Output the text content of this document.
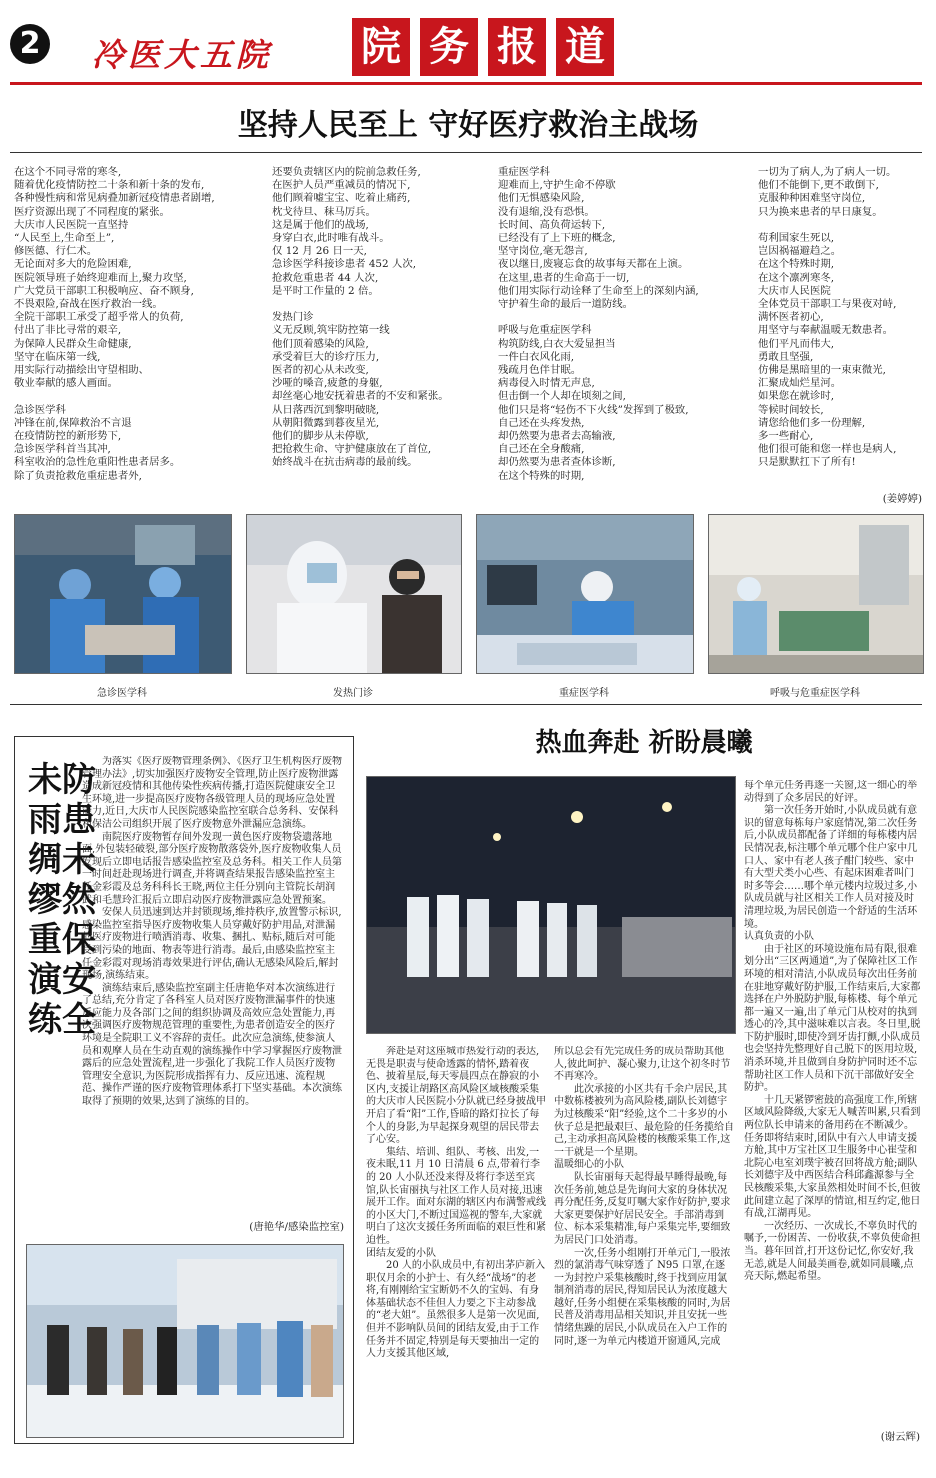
2 冷医大五院 院 务 报 道
坚持人民至上 守好医疗救治主战场
在这个不同寻常的寒冬,
随着优化疫情防控二十条和新十条的发布,
各种慢性病和常见病叠加新冠疫情患者剧增,
医疗资源出现了不同程度的紧张。
大庆市人民医院一直坚持
“人民至上,生命至上”,
修医德、行仁术。
无论面对多大的危险困难,
医院领导班子始终迎难而上,聚力攻坚,
广大党员干部职工积极响应、奋不顾身,
不畏艰险,奋战在医疗救治一线。
全院干部职工承受了超乎常人的负荷,
付出了非比寻常的艰辛,
为保障人民群众生命健康,
坚守在临床第一线,
用实际行动描绘出守望相助、
敬业奉献的感人画面。

急诊医学科
冲锋在前,保障救治不言退
在疫情防控的新形势下,
急诊医学科首当其冲,
科室收治的急性危重阳性患者居多。
除了负责抢救危重症患者外,
还要负责辖区内的院前急救任务,
在医护人员严重减员的情况下,
他们顾着嘘宝宝、吃着止痛药,
枕戈待旦、秣马厉兵。
这是属于他们的战场,
身穿白衣,此时唯有战斗。
仅 12 月 26 日一天,
急诊医学科接诊患者 452 人次,
抢救危重患者 44 人次,
是平时工作量的 2 倍。

发热门诊
义无反顾,筑牢防控第一线
他们顶着感染的风险,
承受着巨大的诊疗压力,
医者的初心从未改变,
沙哑的嗓音,疲惫的身躯,
却丝毫心地安抚着患者的不安和紧张。
从日落西沉到黎明破晓,
从朝阳微露到暮夜星光,
他们的脚步从未停歇,
把抢救生命、守护健康放在了首位,
始终战斗在抗击病毒的最前线。
重症医学科
迎难而上,守护生命不停歇
他们无惧感染风险,
没有退缩,没有恐惧。
长时间、高负荷运转下,
已经没有了上下班的概念,
坚守岗位,毫无怨言,
夜以继日,废寝忘食的故事每天都在上演。
在这里,患者的生命高于一切,
他们用实际行动诠释了生命至上的深刻内涵,
守护着生命的最后一道防线。

呼吸与危重症医学科
构筑防线,白衣大爱显担当
一件白衣风化雨,
残疏月色伴甘眠。
病毒侵入时情无声息,
但击倒一个人却在顷刻之间,
他们只是将“轻伤不下火线”发挥到了极致,
自己还在头疼发热,
却仍然要为患者去高输液,
自己还在全身酸痛,
却仍然要为患者查体诊断,
在这个特殊的时期,
一切为了病人,为了病人一切。
他们不能倒下,更不敢倒下,
克服种种困难坚守岗位,
只为换来患者的早日康复。

苟利国家生死以,
岂因祸福避趋之。
在这个特殊时期,
在这个凛冽寒冬,
大庆市人民医院
全体党员干部职工与果夜对峙,
满怀医者初心,
用坚守与奉献温暖无数患者。
他们平凡而伟大,
勇敢且坚强,
仿佛是黑暗里的一束束微光,
汇聚成灿烂星河。
如果您在就诊时,
等候时间较长,
请您给他们多一份理解,
多一些耐心,
他们很可能和您一样也是病人,
只是默默扛下了所有!
(姜婷婷)
急诊医学科	发热门诊	重症医学科	呼吸与危重症医学科
未雨绸缪重演练
防患未然保安全
　　为落实《医疗废物管理条例》、《医疗卫生机构医疗废物管理办法》,切实加强医疗废物安全管理,防止医疗废物泄露造成新冠疫情和其他传染性疾病传播,打造医院健康安全卫生环境,进一步提高医疗废物各级管理人员的现场应急处置能力,近日,大庆市人民医院感染监控室联合总务科、安保科和保洁公司组织开展了医疗废物意外泄漏应急演练。
　　南院医疗废物暂存间外发现一黄色医疗废物袋遗落地面,外包装轻破裂,部分医疗废物散落袋外,医疗废物收集人员发现后立即电话报告感染监控室及总务科。相关工作人员第一时间赶赴现场进行调查,并将调查结果报告感染监控室主任金彩霞及总务科科长王晓,两位主任分别向主管院长胡润武和毛慧玲汇报后立即启动医疗废物泄露应急处置预案。
　　安保人员迅速到达并封锁现场,维持秩序,放置警示标识,感染监控室指导医疗废物收集人员穿戴好防护用品,对泄漏的医疗废物进行喷洒消毒、收集、捆扎、贴标,随后对可能受到污染的地面、物表等进行消毒。最后,由感染监控室主任金彩霞对现场消毒效果进行评估,确认无感染风险后,解封现场,演练结束。
　　演练结束后,感染监控室副主任唐艳华对本次演练进行了总结,充分肯定了各科室人员对医疗废物泄漏事件的快速反应能力及各部门之间的组织协调及高效应急处置能力,再次强调医疗废物规范管理的重要性,为患者创造安全的医疗环境是全院职工义不容辞的责任。此次应急演练,使参演人员和观摩人员在生动直观的演练操作中学习掌握医疗废物泄露后的应急处置流程,进一步强化了我院工作人员医疗废物管理安全意识,为医院形成指挥有力、反应迅速、流程规范、操作严谨的医疗废物管理体系打下坚实基础。本次演练取得了预期的效果,达到了演练的目的。
(唐艳华/感染监控室)
热血奔赴 祈盼晨曦
　　奔赴是对这座城市热爱行动的表达,无畏是职责与使命透露的情怀,踏着夜色、披着星辰,每天零晨四点在静寂的小区内,支援让胡路区高风险区域核酸采集的大庆市人民医院小分队就已经身披战甲开启了看“阳”工作,昏暗的路灯拉长了每个人的身影,为早起探身观望的居民带去了心安。
　　集结、培训、组队、考核、出发,一夜未眠,11 月 10 日清晨 6 点,带着行李的 20 人小队还没来得及将行李送至宾馆,队长宙丽执与社区工作人员对接,迅速展开工作。面对东湖的辖区内布满警戒线的小区大门,不断过国巡视的警车,大家就明白了这次支援任务所面临的艰巨性和紧迫性。
团结友爱的小队
　　20 人的小队成员中,有初出茅庐新入职仅月余的小护士、有久经“战场”的老将,有刚刚给宝宝断奶不久的宝妈、有身体基础状态不佳但人力要之下主动参战的“老大姐”。虽然很多人是第一次见面,但并不影响队员间的团结友爱,由于工作任务并不固定,特别是每天要抽出一定的人力支援其他区域,
所以总会有先完成任务的成员帮助其他人,彼此呵护、凝心聚力,让这个初冬时节不再寒冷。
　　此次承接的小区共有千余户居民,其中数栋楼被列为高风险楼,副队长刘德宇为过核酸采“阳”经验,这个二十多岁的小伙子总是把最艰巨、最危险的任务揽给自己,主动承担高风险楼的核酸采集工作,这一干就是一个星期。
温暖细心的小队
　　队长宙丽每天起得最早睡得最晚,每次任务前,她总是先询问大家的身体状况再分配任务,反复叮嘱大家作好防护,要求大家更要保护好居民安全。手部消毒到位、标本采集精准,每户采集完毕,要细致为居民门口处消毒。
　　一次,任务小组刚打开单元门,一股浓烈的氯消毒气味穿透了 N95 口罩,在逐一为封控户采集核酸时,终于找到应用氯制剂消毒的居民,得知居民认为浓度越大越好,任务小组便在采集核酸的同时,为居民普及消毒用品相关知识,并且安抚一些情绪焦躁的居民,小队成员在入户工作的同时,逐一为单元内楼道开窗通风,完成
每个单元任务再逐一关窗,这一细心的举动得到了众多居民的好评。
　　第一次任务开始时,小队成员就有意识的留意每栋每户家庭情况,第二次任务后,小队成员都配备了详细的每栋楼内居民情况表,标注哪个单元哪个住户家中几口人、家中有老人孩子酣门较些、家中有大型犬类小心些、有起床困难者叫门时多等会……哪个单元楼内垃圾过多,小队成员就与社区相关工作人员对接及时清理垃圾,为居民创造一个舒适的生活环境。
认真负责的小队
　　由于社区的环境设施布局有限,很难划分出“三区两通道”,为了保障社区工作环境的相对清洁,小队成员每次出任务前在驻地穿戴好防护服,工作结束后,大家都选择在户外脱防护服,每栋楼、每个单元都一遍又一遍,出了单元门从校对的执到透心的冷,其中滋味难以言表。冬日里,脱下防护服时,即使冷到牙齿打颤,小队成员也会坚持先整理好自己脱下的医用垃圾,消杀环境,并且做到自身防护同时还不忘帮助社区工作人员和下沉干部做好安全防护。
　　十几天紧锣密鼓的高强度工作,所辖区域风险降级,大家无人喊苦叫累,只看到两位队长申请来的备用药在不断减少。任务即将结束时,团队中有六人申请支援方舱,其中万宝社区卫生服务中心崔莹和北院心电室刘璞宇被召回将战方舱;副队长刘德宇及中西医结合科邱鑫源参与全民核酸采集,大家虽然相处时间不长,但彼此间建立起了深厚的情谊,相互约定,他日有战,江湖再见。
　　一次经历、一次成长,不辜负时代的嘱予,一份困苦、一份收获,不辜负使命担当。暮年回首,打开这份记忆,你安好,我无恙,就是人间最美画卷,就如同晨曦,点亮天际,燃起希望。
(谢云辉)
